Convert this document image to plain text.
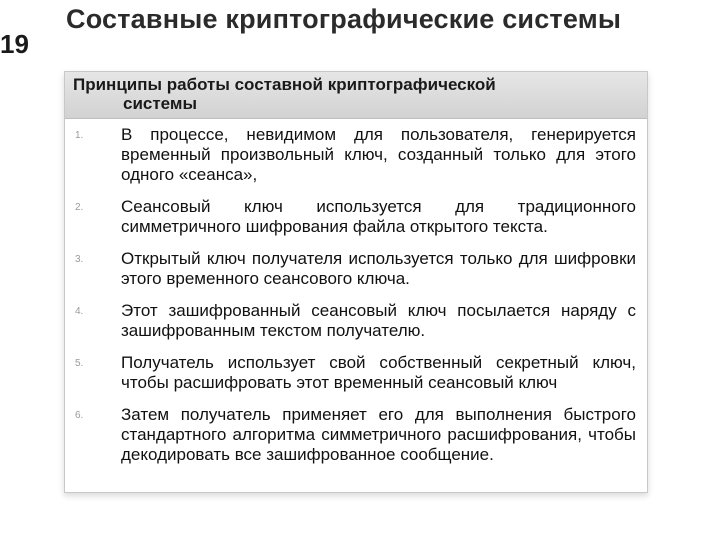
19
Составные криптографические системы
Принципы работы составной криптографической
системы
1. В процессе, невидимом для пользователя, генерируется временный произвольный ключ, созданный только для этого одного «сеанса»,
2. Сеансовый ключ используется для традиционного симметричного шифрования файла открытого текста.
3. Открытый ключ получателя используется только для шифровки этого временного сеансового ключа.
4. Этот зашифрованный сеансовый ключ посылается наряду с зашифрованным текстом получателю.
5. Получатель использует свой собственный секретный ключ, чтобы расшифровать этот временный сеансовый ключ
6. Затем получатель применяет его для выполнения быстрого стандартного алгоритма симметричного расшифрования, чтобы декодировать все зашифрованное сообщение.
